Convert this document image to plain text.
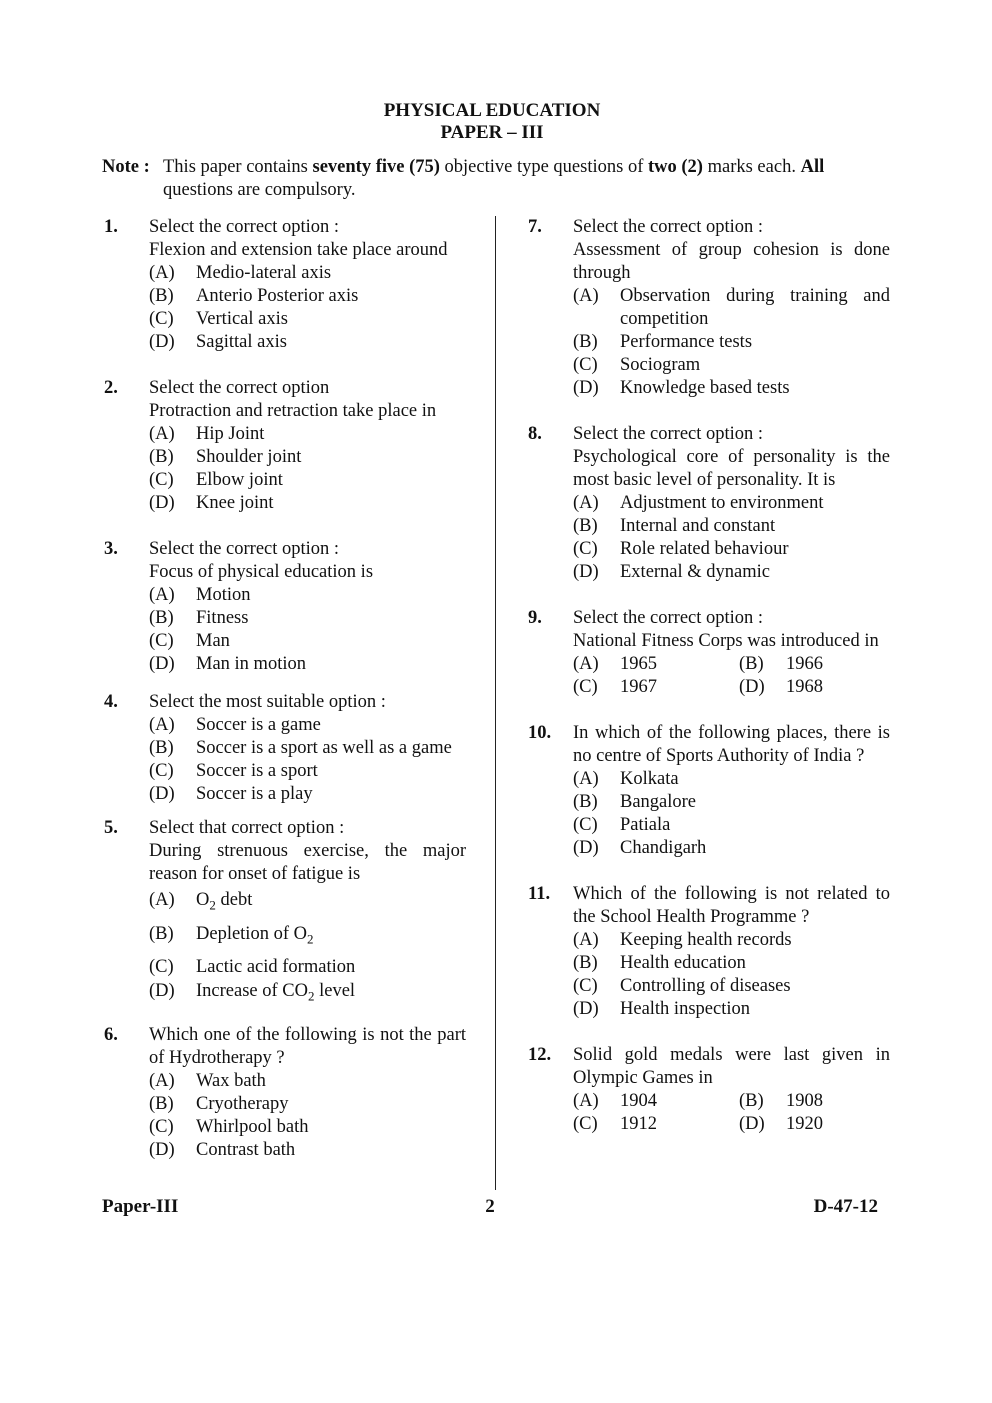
PHYSICAL EDUCATION
PAPER – III
Note : This paper contains seventy five (75) objective type questions of two (2) marks each. All questions are compulsory.
1. Select the correct option :
Flexion and extension take place around
(A) Medio-lateral axis
(B) Anterio Posterior axis
(C) Vertical axis
(D) Sagittal axis
2. Select the correct option
Protraction and retraction take place in
(A) Hip Joint
(B) Shoulder joint
(C) Elbow joint
(D) Knee joint
3. Select the correct option :
Focus of physical education is
(A) Motion
(B) Fitness
(C) Man
(D) Man in motion
4. Select the most suitable option :
(A) Soccer is a game
(B) Soccer is a sport as well as a game
(C) Soccer is a sport
(D) Soccer is a play
5. Select that correct option :
During strenuous exercise, the major reason for onset of fatigue is
(A) $O_2$ debt
(B) Depletion of $O_2$
(C) Lactic acid formation
(D) Increase of $CO_2$ level
6. Which one of the following is not the part of Hydrotherapy ?
(A) Wax bath
(B) Cryotherapy
(C) Whirlpool bath
(D) Contrast bath
7. Select the correct option :
Assessment of group cohesion is done through
(A) Observation during training and competition
(B) Performance tests
(C) Sociogram
(D) Knowledge based tests
8. Select the correct option :
Psychological core of personality is the most basic level of personality. It is
(A) Adjustment to environment
(B) Internal and constant
(C) Role related behaviour
(D) External & dynamic
9. Select the correct option :
National Fitness Corps was introduced in
(A) 1965	(B) 1966
(C) 1967	(D) 1968
10. In which of the following places, there is no centre of Sports Authority of India ?
(A) Kolkata
(B) Bangalore
(C) Patiala
(D) Chandigarh
11. Which of the following is not related to the School Health Programme ?
(A) Keeping health records
(B) Health education
(C) Controlling of diseases
(D) Health inspection
12. Solid gold medals were last given in Olympic Games in
(A) 1904	(B) 1908
(C) 1912	(D) 1920
Paper-III	2	D-47-12
